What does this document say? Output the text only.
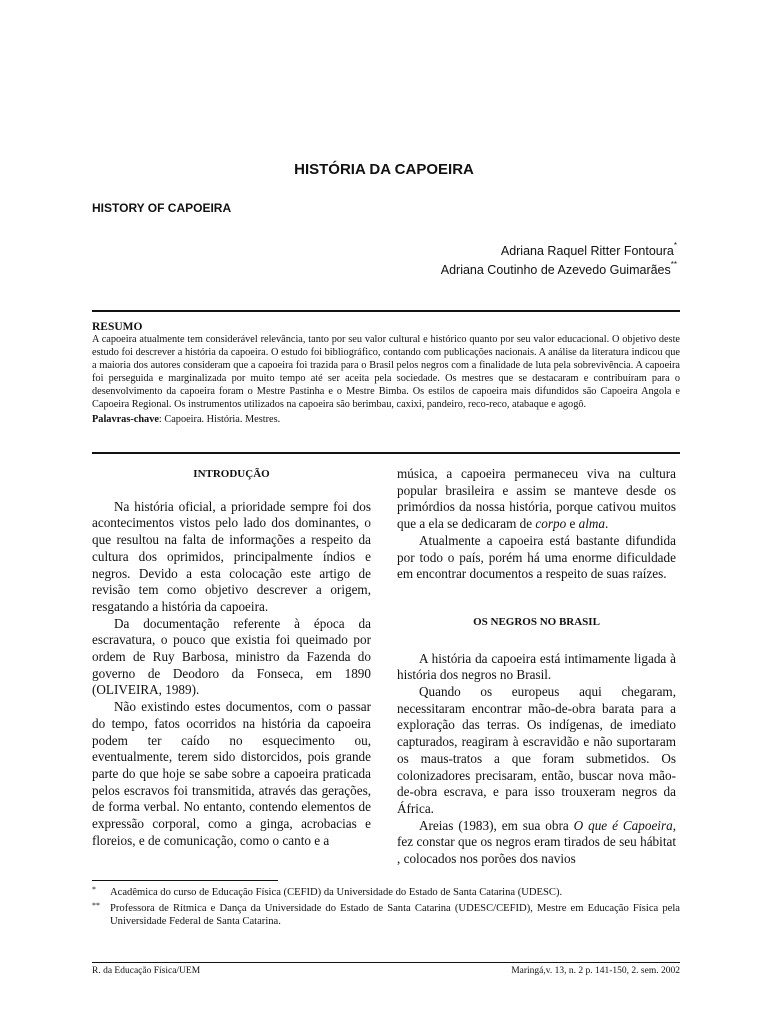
HISTÓRIA DA CAPOEIRA
HISTORY OF CAPOEIRA
Adriana Raquel Ritter Fontoura*
Adriana Coutinho de Azevedo Guimarães**
RESUMO
A capoeira atualmente tem considerável relevância, tanto por seu valor cultural e histórico quanto por seu valor educacional. O objetivo deste estudo foi descrever a história da capoeira. O estudo foi bibliográfico, contando com publicações nacionais. A análise da literatura indicou que a maioria dos autores consideram que a capoeira foi trazida para o Brasil pelos negros com a finalidade de luta pela sobrevivência. A capoeira foi perseguida e marginalizada por muito tempo até ser aceita pela sociedade. Os mestres que se destacaram e contribuíram para o desenvolvimento da capoeira foram o Mestre Pastinha e o Mestre Bimba. Os estilos de capoeira mais difundidos são Capoeira Angola e Capoeira Regional. Os instrumentos utilizados na capoeira são berimbau, caxixi, pandeiro, reco-reco, atabaque e agogô.
Palavras-chave: Capoeira. História. Mestres.

INTRODUÇÃO

Na história oficial, a prioridade sempre foi dos acontecimentos vistos pelo lado dos dominantes, o que resultou na falta de informações a respeito da cultura dos oprimidos, principalmente índios e negros. Devido a esta colocação este artigo de revisão tem como objetivo descrever a origem, resgatando a história da capoeira.

Da documentação referente à época da escravatura, o pouco que existia foi queimado por ordem de Ruy Barbosa, ministro da Fazenda do governo de Deodoro da Fonseca, em 1890 (OLIVEIRA, 1989).

Não existindo estes documentos, com o passar do tempo, fatos ocorridos na história da capoeira podem ter caído no esquecimento ou, eventualmente, terem sido distorcidos, pois grande parte do que hoje se sabe sobre a capoeira praticada pelos escravos foi transmitida, através das gerações, de forma verbal. No entanto, contendo elementos de expressão corporal, como a ginga, acrobacias e floreios, e de comunicação, como o canto e a

música, a capoeira permaneceu viva na cultura popular brasileira e assim se manteve desde os primórdios da nossa história, porque cativou muitos que a ela se dedicaram de corpo e alma.

Atualmente a capoeira está bastante difundida por todo o país, porém há uma enorme dificuldade em encontrar documentos a respeito de suas raízes.

OS NEGROS NO BRASIL

A história da capoeira está intimamente ligada à história dos negros no Brasil.

Quando os europeus aqui chegaram, necessitaram encontrar mão-de-obra barata para a exploração das terras. Os indígenas, de imediato capturados, reagiram à escravidão e não suportaram os maus-tratos a que foram submetidos. Os colonizadores precisaram, então, buscar nova mão-de-obra escrava, e para isso trouxeram negros da África.

Areias (1983), em sua obra O que é Capoeira, fez constar que os negros eram tirados de seu hábitat , colocados nos porões dos navios

*	Acadêmica do curso de Educação Física (CEFID) da Universidade do Estado de Santa Catarina (UDESC).
** Professora de Rítmica e Dança da Universidade do Estado de Santa Catarina (UDESC/CEFID), Mestre em Educação Física pela Universidade Federal de Santa Catarina.
R. da Educação Física/UEM	Maringá,v. 13, n. 2 p. 141-150, 2. sem. 2002
